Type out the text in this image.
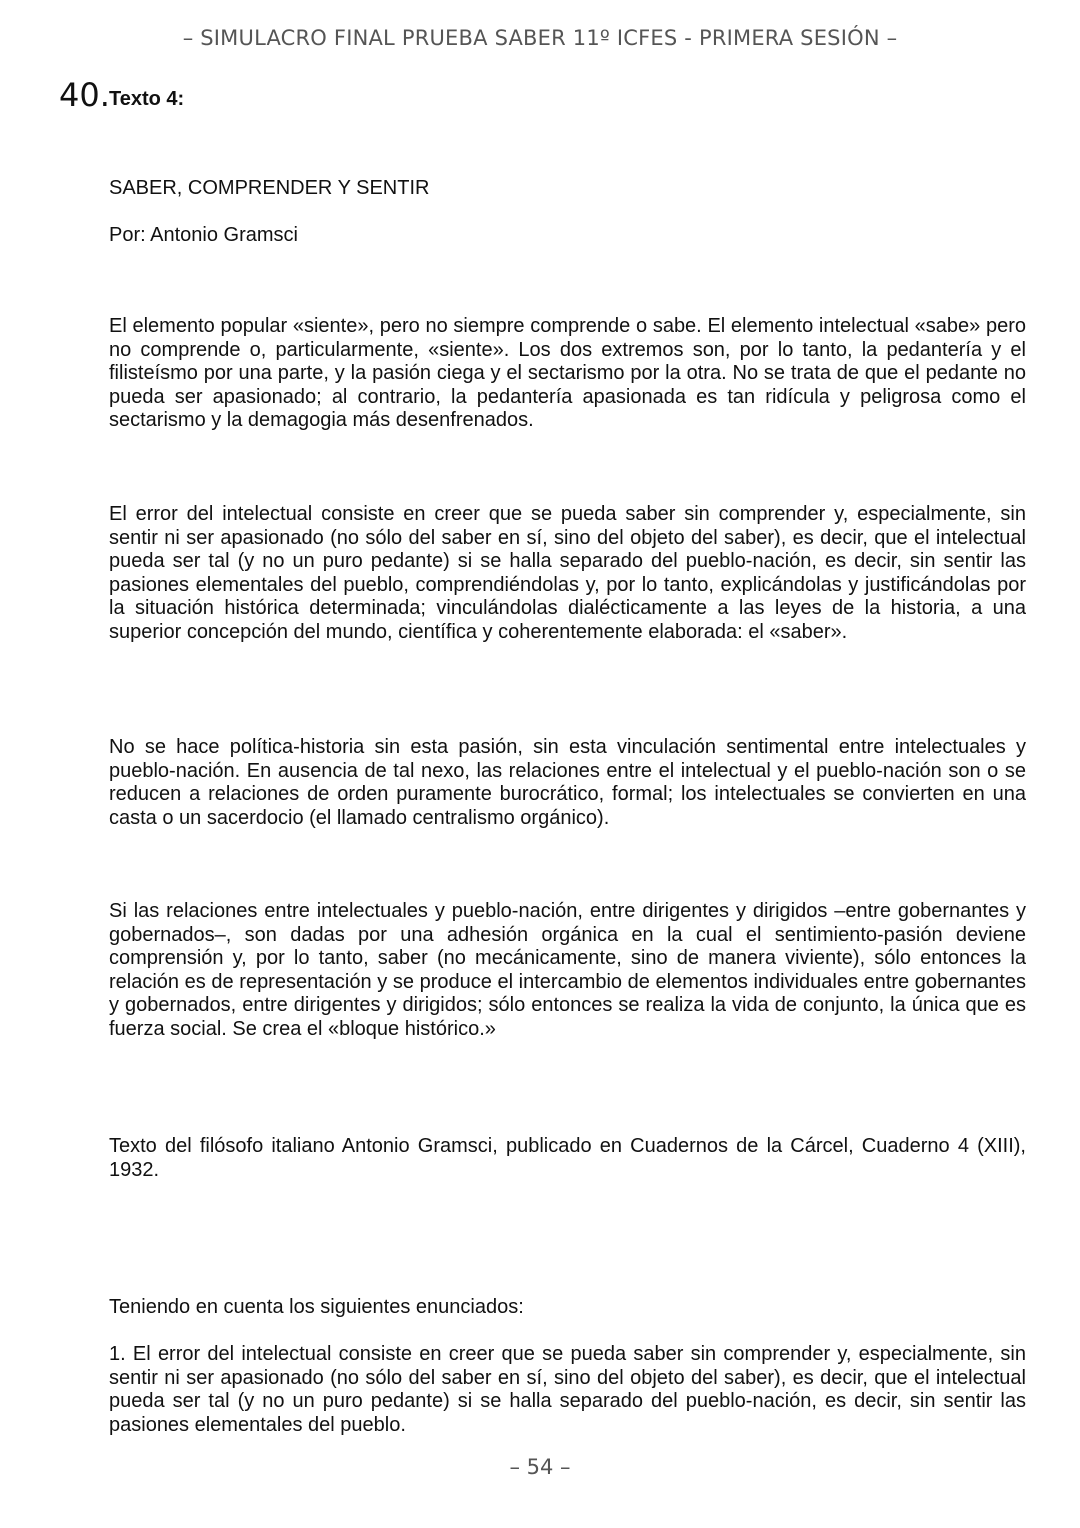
– SIMULACRO FINAL PRUEBA SABER 11º ICFES - PRIMERA SESIÓN –
40. Texto 4:
SABER, COMPRENDER Y SENTIR
Por: Antonio Gramsci
El elemento popular «siente», pero no siempre comprende o sabe. El elemento intelectual «sabe» pero no comprende o, particularmente, «siente». Los dos extremos son, por lo tanto, la pedantería y el filisteísmo por una parte, y la pasión ciega y el sectarismo por la otra. No se trata de que el pedante no pueda ser apasionado; al contrario, la pedantería apasionada es tan ridícula y peligrosa como el sectarismo y la demagogia más desenfrenados.
El error del intelectual consiste en creer que se pueda saber sin comprender y, especialmente, sin sentir ni ser apasionado (no sólo del saber en sí, sino del objeto del saber), es decir, que el intelectual pueda ser tal (y no un puro pedante) si se halla separado del pueblo-nación, es decir, sin sentir las pasiones elementales del pueblo, comprendiéndolas y, por lo tanto, explicándolas y justificándolas por la situación histórica determinada; vinculándolas dialécticamente a las leyes de la historia, a una superior concepción del mundo, científica y coherentemente elaborada: el «saber».
No se hace política-historia sin esta pasión, sin esta vinculación sentimental entre intelectuales y pueblo-nación. En ausencia de tal nexo, las relaciones entre el intelectual y el pueblo-nación son o se reducen a relaciones de orden puramente burocrático, formal; los intelectuales se convierten en una casta o un sacerdocio (el llamado centralismo orgánico).
Si las relaciones entre intelectuales y pueblo-nación, entre dirigentes y dirigidos –entre gobernantes y gobernados–, son dadas por una adhesión orgánica en la cual el sentimiento-pasión deviene comprensión y, por lo tanto, saber (no mecánicamente, sino de manera viviente), sólo entonces la relación es de representación y se produce el intercambio de elementos individuales entre gobernantes y gobernados, entre dirigentes y dirigidos; sólo entonces se realiza la vida de conjunto, la única que es fuerza social. Se crea el «bloque histórico.»
Texto del filósofo italiano Antonio Gramsci, publicado en Cuadernos de la Cárcel, Cuaderno 4 (XIII), 1932.
Teniendo en cuenta los siguientes enunciados:
1. El error del intelectual consiste en creer que se pueda saber sin comprender y, especialmente, sin sentir ni ser apasionado (no sólo del saber en sí, sino del objeto del saber), es decir, que el intelectual pueda ser tal (y no un puro pedante) si se halla separado del pueblo-nación, es decir, sin sentir las pasiones elementales del pueblo.
– 54 –
